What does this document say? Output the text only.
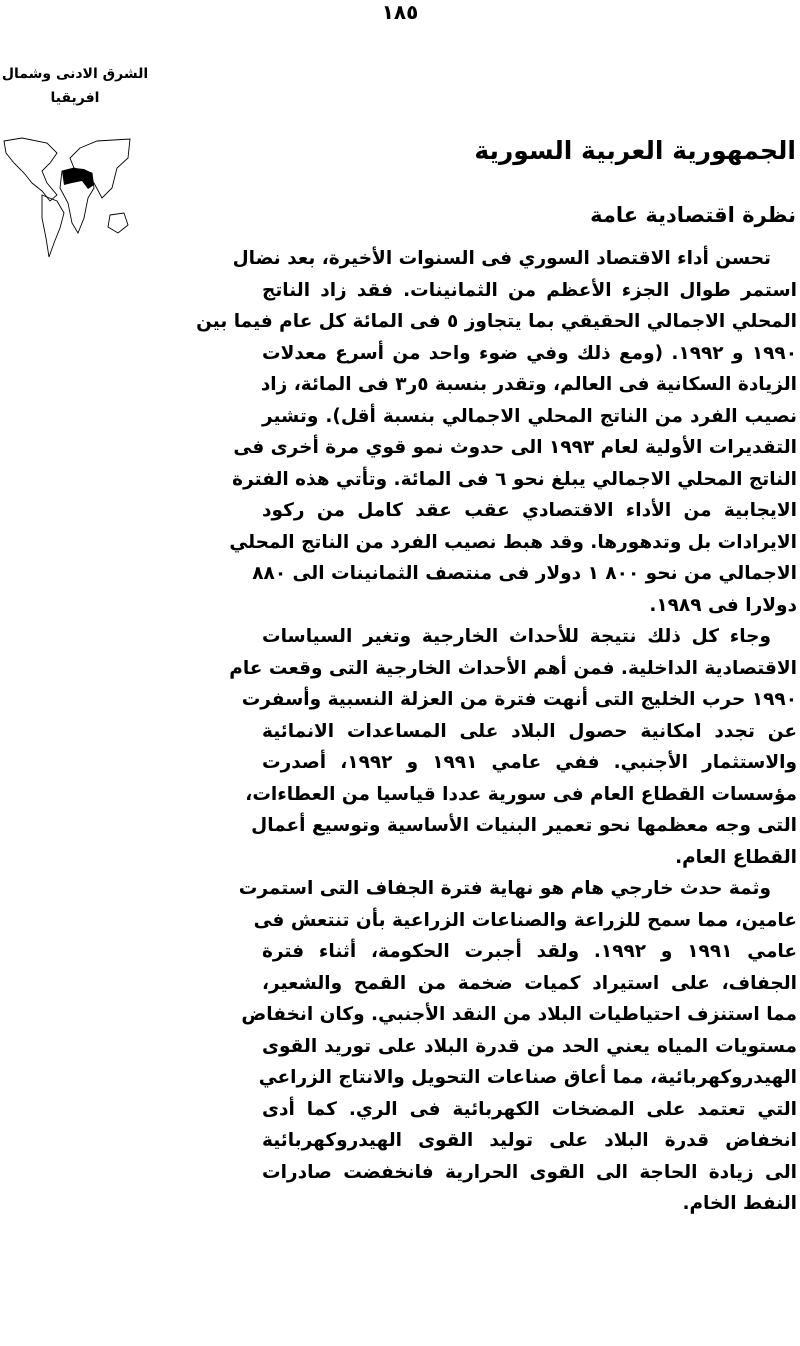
١٨٥
الشرق الادنى وشمال
افريقيا
الجمهورية العربية السورية
نظرة اقتصادية عامة
تحسن أداء الاقتصاد السوري فى السنوات الأخيرة، بعد نضال
استمر طوال الجزء الأعظم من الثمانينات. فقد زاد الناتج
المحلي الاجمالي الحقيقي بما يتجاوز ٥ فى المائة كل عام فيما بين
١٩٩٠ و ١٩٩٢. (ومع ذلك وفي ضوء واحد من أسرع معدلات
الزيادة السكانية فى العالم، وتقدر بنسبة ٥ر٣ فى المائة، زاد
نصيب الفرد من الناتج المحلي الاجمالي بنسبة أقل). وتشير
التقديرات الأولية لعام ١٩٩٣ الى حدوث نمو قوي مرة أخرى فى
الناتج المحلي الاجمالي يبلغ نحو ٦ فى المائة. وتأتي هذه الفترة
الايجابية من الأداء الاقتصادي عقب عقد كامل من ركود
الايرادات بل وتدهورها. وقد هبط نصيب الفرد من الناتج المحلي
الاجمالي من نحو ٨٠٠ ١ دولار فى منتصف الثمانينات الى ٨٨٠
دولارا فى ١٩٨٩.
وجاء كل ذلك نتيجة للأحداث الخارجية وتغير السياسات
الاقتصادية الداخلية. فمن أهم الأحداث الخارجية التى وقعت عام
١٩٩٠ حرب الخليج التى أنهت فترة من العزلة النسبية وأسفرت
عن تجدد امكانية حصول البلاد على المساعدات الانمائية
والاستثمار الأجنبي. ففي عامي ١٩٩١ و ١٩٩٢، أصدرت
مؤسسات القطاع العام فى سورية عددا قياسيا من العطاءات،
التى وجه معظمها نحو تعمير البنيات الأساسية وتوسيع أعمال
القطاع العام.
وثمة حدث خارجي هام هو نهاية فترة الجفاف التى استمرت
عامين، مما سمح للزراعة والصناعات الزراعية بأن تنتعش فى
عامي ١٩٩١ و ١٩٩٢. ولقد أجبرت الحكومة، أثناء فترة
الجفاف، على استيراد كميات ضخمة من القمح والشعير،
مما استنزف احتياطيات البلاد من النقد الأجنبي. وكان انخفاض
مستويات المياه يعني الحد من قدرة البلاد على توريد القوى
الهيدروكهربائية، مما أعاق صناعات التحويل والانتاج الزراعي
التي تعتمد على المضخات الكهربائية فى الري. كما أدى
انخفاض قدرة البلاد على توليد القوى الهيدروكهربائية
الى زيادة الحاجة الى القوى الحرارية فانخفضت صادرات
النفط الخام.
